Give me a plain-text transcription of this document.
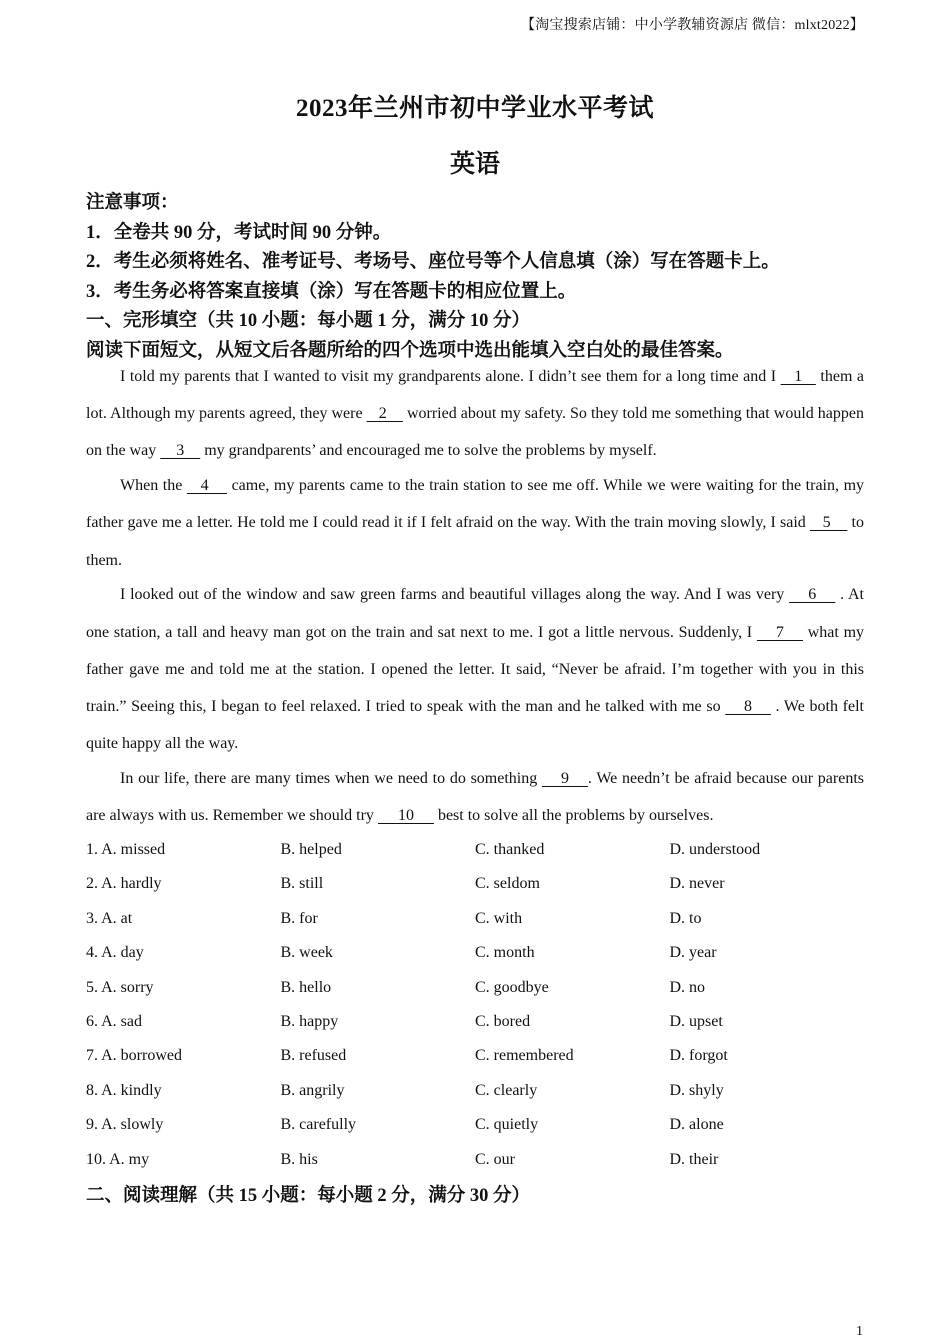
【淘宝搜索店铺：中小学教辅资源店 微信：mlxt2022】
2023年兰州市初中学业水平考试
英语
注意事项：
1．全卷共 90 分，考试时间 90 分钟。
2．考生必须将姓名、准考证号、考场号、座位号等个人信息填（涂）写在答题卡上。
3．考生务必将答案直接填（涂）写在答题卡的相应位置上。
一、完形填空（共 10 小题：每小题 1 分，满分 10 分）
阅读下面短文，从短文后各题所给的四个选项中选出能填入空白处的最佳答案。

I told my parents that I wanted to visit my grandparents alone. I didn’t see them for a long time and I    1    them a lot. Although my parents agreed, they were    2     worried about my safety. So they told me something that would happen on the way     3     my grandparents’ and encouraged me to solve the problems by myself.

When the    4     came, my parents came to the train station to see me off. While we were waiting for the train, my father gave me a letter. He told me I could read it if I felt afraid on the way. With the train moving slowly, I said    5     to them.

I looked out of the window and saw green farms and beautiful villages along the way. And I was very     6     . At one station, a tall and heavy man got on the train and sat next to me. I got a little nervous. Suddenly, I     7     what my father gave me and told me at the station. I opened the letter. It said, “Never be afraid. I’m together with you in this train.” Seeing this, I began to feel relaxed. I tried to speak with the man and he talked with me so     8     . We both felt quite happy all the way.

In our life, there are many times when we need to do something     9    . We needn’t be afraid because our parents are always with us. Remember we should try      10      best to solve all the problems by ourselves.

1. A. missed	B. helped	C. thanked	D. understood
2. A. hardly	B. still	C. seldom	D. never
3. A. at	B. for	C. with	D. to
4. A. day	B. week	C. month	D. year
5. A. sorry	B. hello	C. goodbye	D. no
6. A. sad	B. happy	C. bored	D. upset
7. A. borrowed	B. refused	C. remembered	D. forgot
8. A. kindly	B. angrily	C. clearly	D. shyly
9. A. slowly	B. carefully	C. quietly	D. alone
10. A. my	B. his	C. our	D. their
二、阅读理解（共 15 小题：每小题 2 分，满分 30 分）
1
